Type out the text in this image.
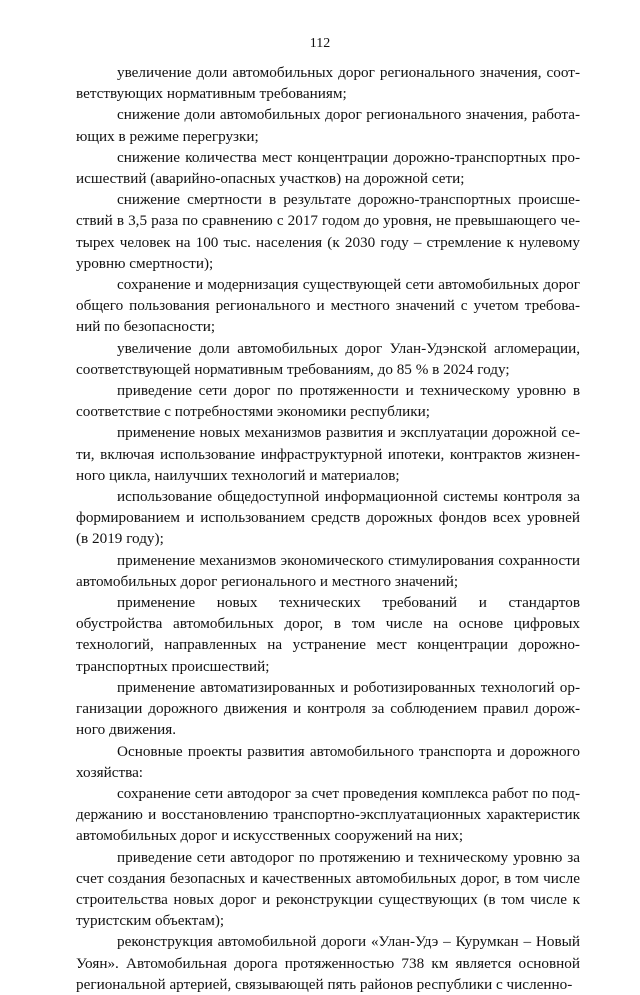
112

увеличение доли автомобильных дорог регионального значения, соответствующих нормативным требованиям;

снижение доли автомобильных дорог регионального значения, работающих в режиме перегрузки;

снижение количества мест концентрации дорожно-транспортных происшествий (аварийно-опасных участков) на дорожной сети;

снижение смертности в результате дорожно-транспортных происшествий в 3,5 раза по сравнению с 2017 годом до уровня, не превышающего четырех человек на 100 тыс. населения (к 2030 году – стремление к нулевому уровню смертности);

сохранение и модернизация существующей сети автомобильных дорог общего пользования регионального и местного значений с учетом требований по безопасности;

увеличение доли автомобильных дорог Улан-Удэнской агломерации, соответствующей нормативным требованиям, до 85 % в 2024 году;

приведение сети дорог по протяженности и техническому уровню в соответствие с потребностями экономики республики;

применение новых механизмов развития и эксплуатации дорожной сети, включая использование инфраструктурной ипотеки, контрактов жизненного цикла, наилучших технологий и материалов;

использование общедоступной информационной системы контроля за формированием и использованием средств дорожных фондов всех уровней (в 2019 году);

применение механизмов экономического стимулирования сохранности автомобильных дорог регионального и местного значений;

применение новых технических требований и стандартов обустройства автомобильных дорог, в том числе на основе цифровых технологий, направленных на устранение мест концентрации дорожно-транспортных происшествий;

применение автоматизированных и роботизированных технологий организации дорожного движения и контроля за соблюдением правил дорожного движения.

Основные проекты развития автомобильного транспорта и дорожного хозяйства:

сохранение сети автодорог за счет проведения комплекса работ по поддержанию и восстановлению транспортно-эксплуатационных характеристик автомобильных дорог и искусственных сооружений на них;

приведение сети автодорог по протяжению и техническому уровню за счет создания безопасных и качественных автомобильных дорог, в том числе строительства новых дорог и реконструкции существующих (в том числе к туристским объектам);

реконструкция автомобильной дороги «Улан-Удэ – Курумкан – Новый Уоян». Автомобильная дорога протяженностью 738 км является основной региональной артерией, связывающей пять районов республики с численно-
